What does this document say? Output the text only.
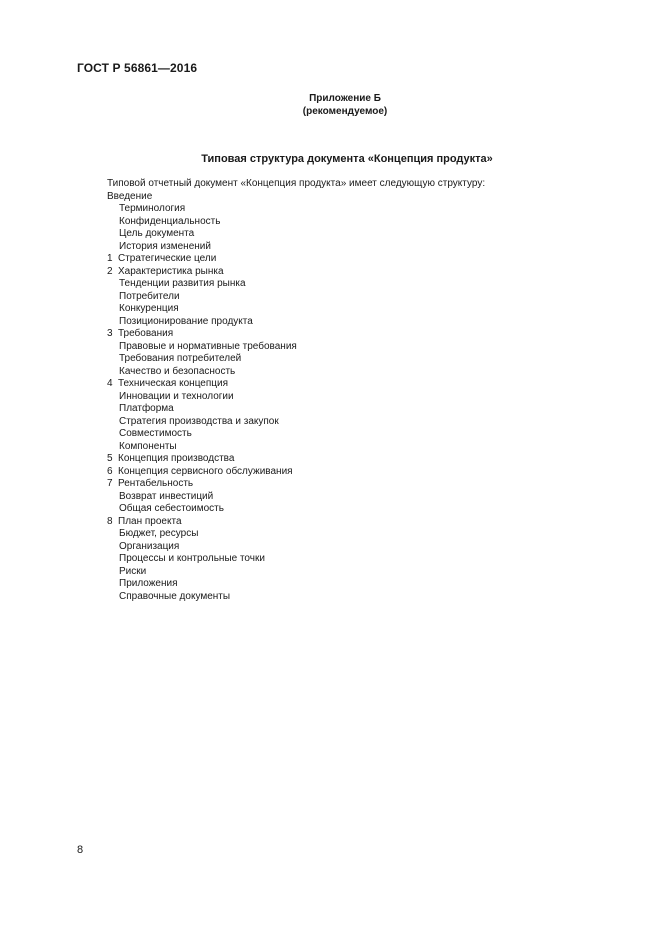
ГОСТ Р 56861—2016
Приложение Б
(рекомендуемое)
Типовая структура документа «Концепция продукта»
Типовой отчетный документ «Концепция продукта» имеет следующую структуру:
Введение
Терминология
Конфиденциальность
Цель документа
История изменений
1 Стратегические цели
2 Характеристика рынка
Тенденции развития рынка
Потребители
Конкуренция
Позиционирование продукта
3 Требования
Правовые и нормативные требования
Требования потребителей
Качество и безопасность
4 Техническая концепция
Инновации и технологии
Платформа
Стратегия производства и закупок
Совместимость
Компоненты
5 Концепция производства
6 Концепция сервисного обслуживания
7 Рентабельность
Возврат инвестиций
Общая себестоимость
8 План проекта
Бюджет, ресурсы
Организация
Процессы и контрольные точки
Риски
Приложения
Справочные документы
8
